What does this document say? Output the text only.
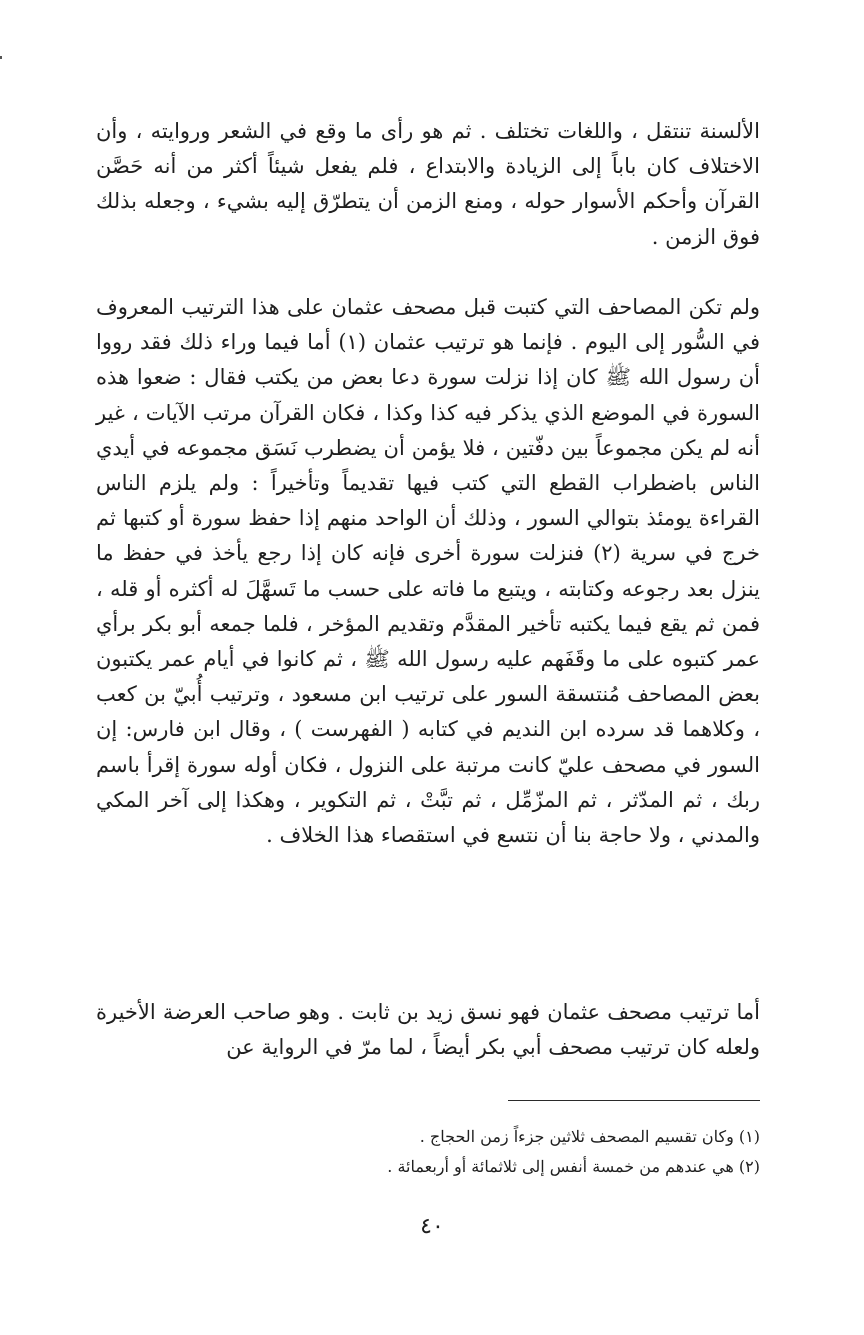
الألسنة تنتقل ، واللغات تختلف . ثم هو رأى ما وقع في الشعر وروايته ، وأن الاختلاف كان باباً إلى الزيادة والابتداع ، فلم يفعل شيئاً أكثر من أنه حَصَّن القرآن وأحكم الأسوار حوله ، ومنع الزمن أن يتطرّق إليه بشيء ، وجعله بذلك فوق الزمن .

ولم تكن المصاحف التي كتبت قبل مصحف عثمان على هذا الترتيب المعروف في السُّور إلى اليوم . فإنما هو ترتيب عثمان (١) أما فيما وراء ذلك فقد رووا أن رسول الله ﷺ كان إذا نزلت سورة دعا بعض من يكتب فقال : ضعوا هذه السورة في الموضع الذي يذكر فيه كذا وكذا ، فكان القرآن مرتب الآيات ، غير أنه لم يكن مجموعاً بين دفّتين ، فلا يؤمن أن يضطرب نَسَق مجموعه في أيدي الناس باضطراب القطع التي كتب فيها تقديماً وتأخيراً : ولم يلزم الناس القراءة يومئذ بتوالي السور ، وذلك أن الواحد منهم إذا حفظ سورة أو كتبها ثم خرج في سرية (٢) فنزلت سورة أخرى فإنه كان إذا رجع يأخذ في حفظ ما ينزل بعد رجوعه وكتابته ، ويتبع ما فاته على حسب ما تَسهَّلَ له أكثره أو قله ، فمن ثم يقع فيما يكتبه تأخير المقدَّم وتقديم المؤخر ، فلما جمعه أبو بكر برأي عمر كتبوه على ما وقَفَهم عليه رسول الله ﷺ ، ثم كانوا في أيام عمر يكتبون بعض المصاحف مُنتسقة السور على ترتيب ابن مسعود ، وترتيب أُبيّ بن كعب ، وكلاهما قد سرده ابن النديم في كتابه ( الفهرست ) ، وقال ابن فارس: إن السور في مصحف عليّ كانت مرتبة على النزول ، فكان أوله سورة إقرأ باسم ربك ، ثم المدّثر ، ثم المزّمِّل ، ثم تبَّتْ ، ثم التكوير ، وهكذا إلى آخر المكي والمدني ، ولا حاجة بنا أن نتسع في استقصاء هذا الخلاف .

أما ترتيب مصحف عثمان فهو نسق زيد بن ثابت . وهو صاحب العرضة الأخيرة ولعله كان ترتيب مصحف أبي بكر أيضاً ، لما مرّ في الرواية عن

(١) وكان تقسيم المصحف ثلاثين جزءاً زمن الحجاج .

(٢) هي عندهم من خمسة أنفس إلى ثلاثمائة أو أربعمائة .

٤٠
